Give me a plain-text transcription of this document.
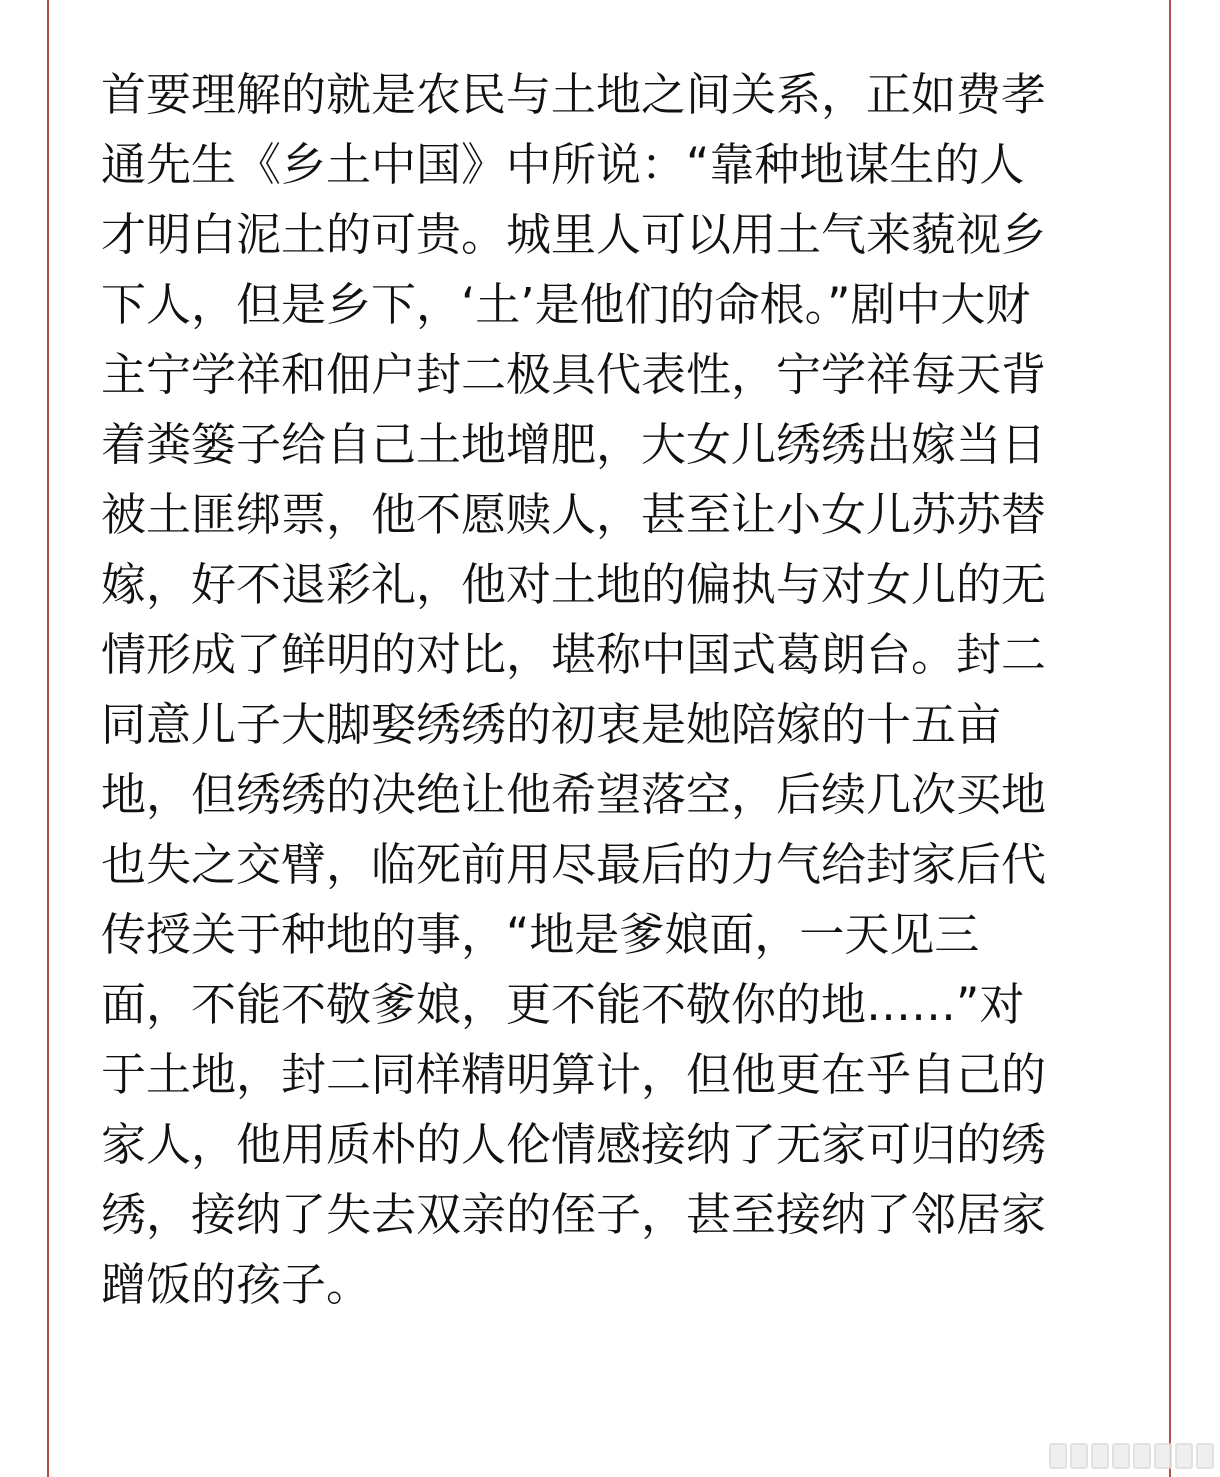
首要理解的就是农民与土地之间关系，正如费孝
通先生《乡土中国》中所说：“靠种地谋生的人
才明白泥土的可贵。城里人可以用土气来藐视乡
下人，但是乡下，‘土’是他们的命根。”剧中大财
主宁学祥和佃户封二极具代表性，宁学祥每天背
着粪篓子给自己土地增肥，大女儿绣绣出嫁当日
被土匪绑票，他不愿赎人，甚至让小女儿苏苏替
嫁，好不退彩礼，他对土地的偏执与对女儿的无
情形成了鲜明的对比，堪称中国式葛朗台。封二
同意儿子大脚娶绣绣的初衷是她陪嫁的十五亩
地，但绣绣的决绝让他希望落空，后续几次买地
也失之交臂，临死前用尽最后的力气给封家后代
传授关于种地的事，“地是爹娘面，一天见三
面，不能不敬爹娘，更不能不敬你的地……”对
于土地，封二同样精明算计，但他更在乎自己的
家人，他用质朴的人伦情感接纳了无家可归的绣
绣，接纳了失去双亲的侄子，甚至接纳了邻居家
蹭饭的孩子。
